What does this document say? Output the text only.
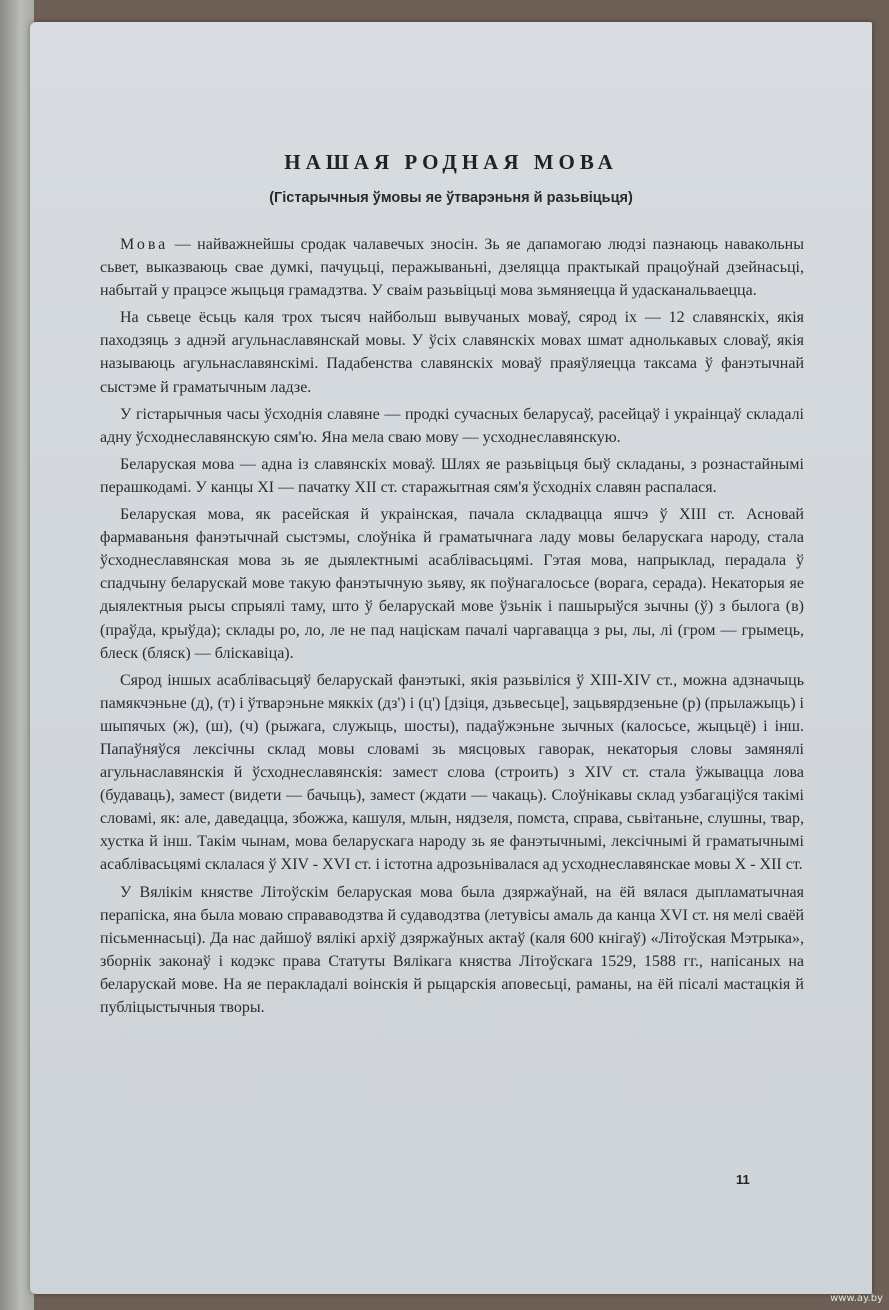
НАШАЯ РОДНАЯ МОВА
(Гістарычныя ўмовы яе ўтварэньня й разьвіцьця)

Мова — найважнейшы сродак чалавечых зносін. Зь яе дапамогаю людзі пазнаюць навакольны сьвет, выказваюць свае думкі, пачуцьці, перажываньні, дзеляцца практыкай працоўнай дзейнасьці, набытай у працэсе жыцьця грамадзтва. У сваім разьвіцьці мова зьмяняецца й удасканальваецца.

На сьвеце ёсьць каля трох тысяч найбольш вывучаных моваў, сярод іх — 12 славянскіх, якія паходзяць з аднэй агульнаславянскай мовы. У ўсіх славянскіх мовах шмат аднолькавых словаў, якія называюць агульнаславянскімі. Падабенства славянскіх моваў праяўляецца таксама ў фанэтычнай сыстэме й граматычным ладзе.

У гістарычныя часы ўсходнія славяне — продкі сучасных беларусаў, расейцаў і украінцаў складалі адну ўсходнеславянскую сям'ю. Яна мела сваю мову — усходнеславянскую.

Беларуская мова — адна із славянскіх моваў. Шлях яе разьвіцьця быў складаны, з рознастайнымі перашкодамі. У канцы XI — пачатку XII ст. старажытная сям'я ўсходніх славян распалася.

Беларуская мова, як расейская й украінская, пачала складвацца яшчэ ў XIII ст. Асновай фармаваньня фанэтычнай сыстэмы, слоўніка й граматычнага ладу мовы беларускага народу, стала ўсходнеславянская мова зь яе дыялектнымі асаблівасьцямі. Гэтая мова, напрыклад, перадала ў спадчыну беларускай мове такую фанэтычную зьяву, як поўнагалосьсе (ворага, серада). Некаторыя яе дыялектныя рысы спрыялі таму, што ў беларускай мове ўзьнік і пашырыўся зычны (ў) з былога (в) (праўда, крыўда); склады ро, ло, ле не пад націскам пачалі чаргавацца з ры, лы, лі (гром — грымець, блеск (бляск) — бліскавіца).

Сярод іншых асаблівасьцяў беларускай фанэтыкі, якія разьвіліся ў XIII-XIV ст., можна адзначыць памякчэньне (д), (т) і ўтварэньне мяккіх (дз') і (ц') [дзіця, дзьвесьце], зацьвярдзеньне (р) (прылажыць) і шыпячых (ж), (ш), (ч) (рыжага, служыць, шосты), падаўжэньне зычных (калосьсе, жыцьцё) і інш. Папаўняўся лексічны склад мовы словамі зь мясцовых гаворак, некаторыя словы замянялі агульнаславянскія й ўсходнеславянскія: замест слова (строить) з XIV ст. стала ўжывацца лова (будаваць), замест (видети — бачыць), замест (ждати — чакаць). Слоўнікавы склад узбагаціўся такімі словамі, як: але, даведацца, збожжа, кашуля, млын, нядзеля, помста, справа, сьвітаньне, слушны, твар, хустка й інш. Такім чынам, мова беларускага народу зь яе фанэтычнымі, лексічнымі й граматычнымі асаблівасьцямі склалася ў XIV - XVI ст. і істотна адрозьнівалася ад усходнеславянскае мовы X - XII ст.

У Вялікім княстве Літоўскім беларуская мова была дзяржаўнай, на ёй вялася дыпламатычная перапіска, яна была моваю справаводзтва й судаводзтва (летувісы амаль да канца XVI ст. ня мелі сваёй пісьменнасьці). Да нас дайшоў вялікі архіў дзяржаўных актаў (каля 600 кнігаў) «Літоўская Мэтрыка», зборнік законаў і кодэкс права Статуты Вялікага княства Літоўскага 1529, 1588 гг., напісаных на беларускай мове. На яе перакладалі воінскія й рыцарскія аповесьці, раманы, на ёй пісалі мастацкія й публіцыстычныя творы.

11
www.ay.by
